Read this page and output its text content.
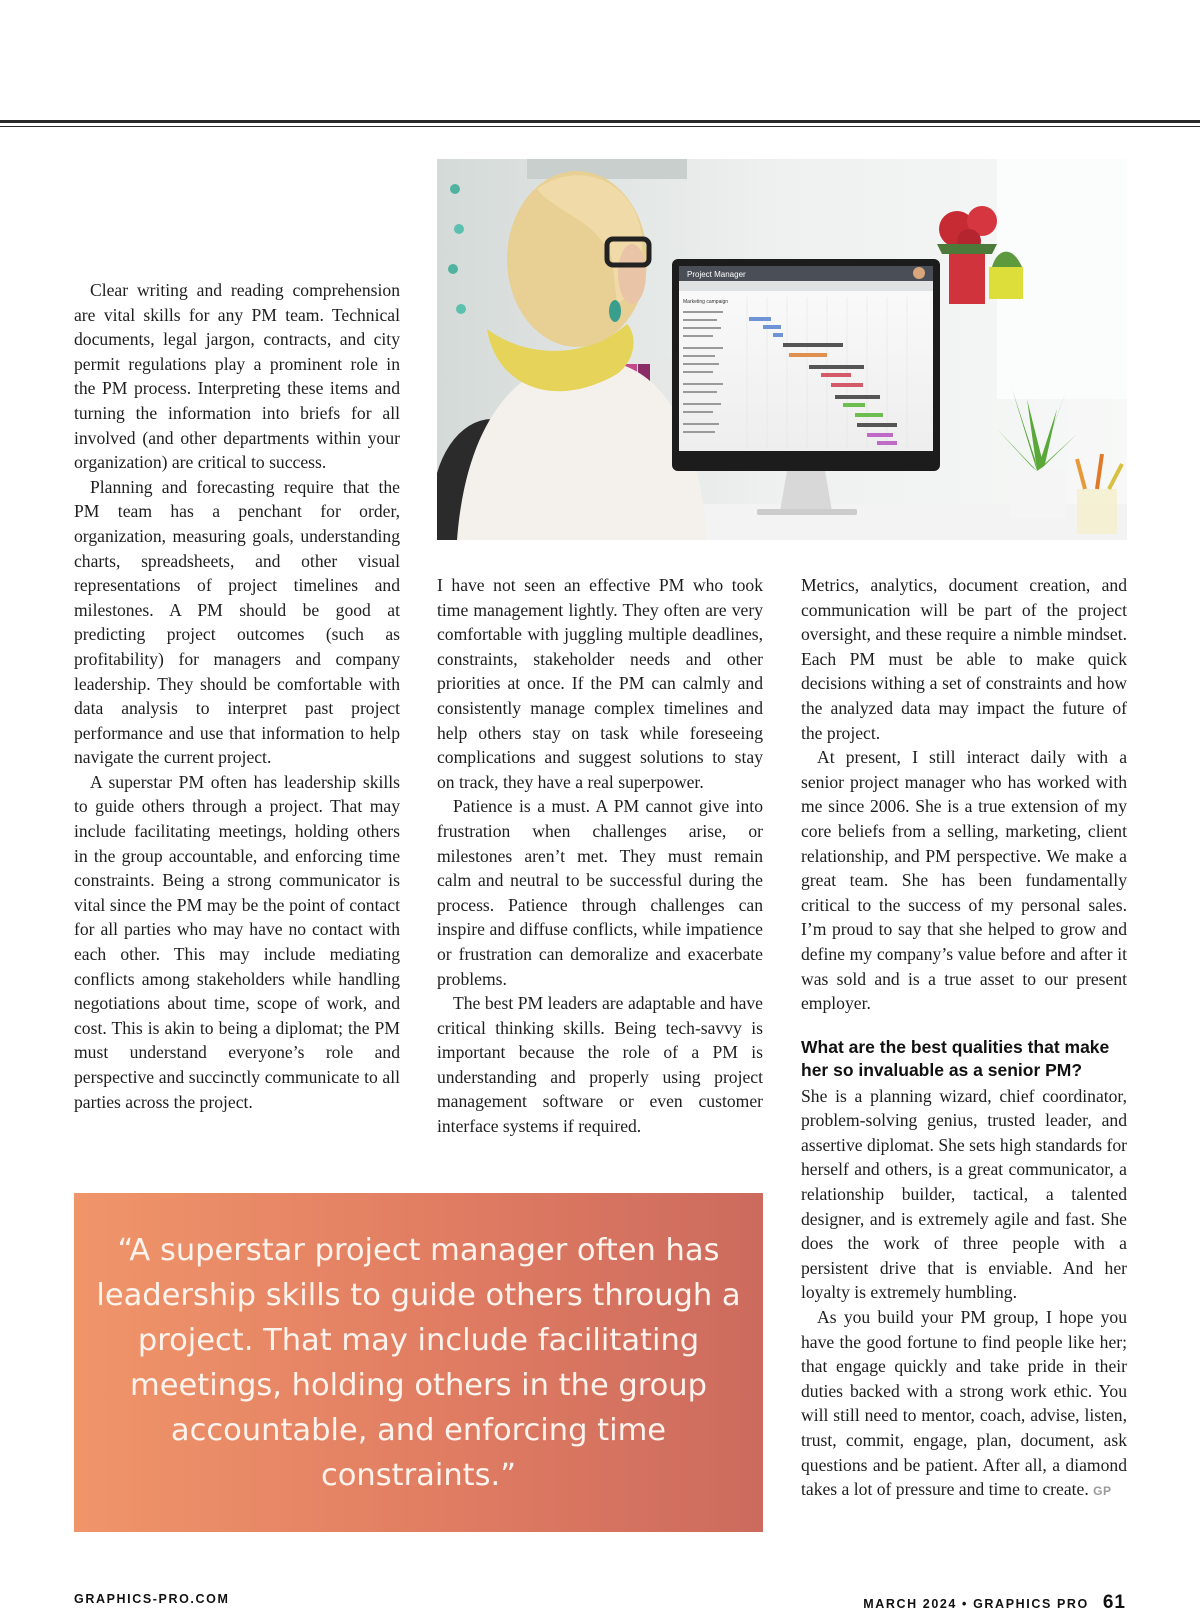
Project Manager
Marketing campaign

Clear writing and reading comprehension are vital skills for any PM team. Technical documents, legal jargon, contracts, and city permit regulations play a prominent role in the PM process. Interpreting these items and turning the information into briefs for all involved (and other departments within your organization) are critical to success.

Planning and forecasting require that the PM team has a penchant for order, organization, measuring goals, understanding charts, spreadsheets, and other visual representations of project timelines and milestones. A PM should be good at predicting project outcomes (such as profitability) for managers and company leadership. They should be comfortable with data analysis to interpret past project performance and use that information to help navigate the current project.

A superstar PM often has leadership skills to guide others through a project. That may include facilitating meetings, holding others in the group accountable, and enforcing time constraints. Being a strong communicator is vital since the PM may be the point of contact for all parties who may have no contact with each other. This may include mediating conflicts among stakeholders while handling negotiations about time, scope of work, and cost. This is akin to being a diplomat; the PM must understand everyone’s role and perspective and succinctly communicate to all parties across the project.

I have not seen an effective PM who took time management lightly. They often are very comfortable with juggling multiple deadlines, constraints, stakeholder needs and other priorities at once. If the PM can calmly and consistently manage complex timelines and help others stay on task while foreseeing complications and suggest solutions to stay on track, they have a real superpower.

Patience is a must. A PM cannot give into frustration when challenges arise, or milestones aren’t met. They must remain calm and neutral to be successful during the process. Patience through challenges can inspire and diffuse conflicts, while impatience or frustration can demoralize and exacerbate problems.

The best PM leaders are adaptable and have critical thinking skills. Being tech-savvy is important because the role of a PM is understanding and properly using project management software or even customer interface systems if required.

Metrics, analytics, document creation, and communication will be part of the project oversight, and these require a nimble mindset. Each PM must be able to make quick decisions withing a set of constraints and how the analyzed data may impact the future of the project.

At present, I still interact daily with a senior project manager who has worked with me since 2006. She is a true extension of my core beliefs from a selling, marketing, client relationship, and PM perspective. We make a great team. She has been fundamentally critical to the success of my personal sales. I’m proud to say that she helped to grow and define my company’s value before and after it was sold and is a true asset to our present employer.

What are the best qualities that make her so invaluable as a senior PM?

She is a planning wizard, chief coordinator, problem-solving genius, trusted leader, and assertive diplomat. She sets high standards for herself and others, is a great communicator, a relationship builder, tactical, a talented designer, and is extremely agile and fast. She does the work of three people with a persistent drive that is enviable. And her loyalty is extremely humbling.

As you build your PM group, I hope you have the good fortune to find people like her; that engage quickly and take pride in their duties backed with a strong work ethic. You will still need to mentor, coach, advise, listen, trust, commit, engage, plan, document, ask questions and be patient. After all, a diamond takes a lot of pressure and time to create. GP

“A superstar project manager often has leadership skills to guide others through a project. That may include facilitating meetings, holding others in the group accountable, and enforcing time constraints.”

GRAPHICS-PRO.COM	MARCH 2024 • GRAPHICS PRO 61
